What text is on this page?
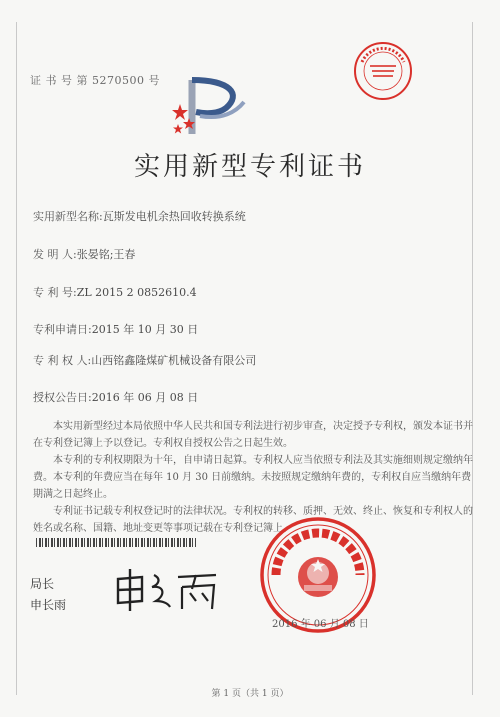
证 书 号 第 5270500 号
实用新型专利证书
实用新型名称:瓦斯发电机余热回收转换系统
发 明 人:张晏铭;王春
专 利 号:ZL 2015 2 0852610.4
专利申请日:2015 年 10 月 30 日
专 利 权 人:山西铭鑫隆煤矿机械设备有限公司
授权公告日:2016 年 06 月 08 日

本实用新型经过本局依照中华人民共和国专利法进行初步审查，决定授予专利权，颁发本证书并在专利登记簿上予以登记。专利权自授权公告之日起生效。

本专利的专利权期限为十年，自申请日起算。专利权人应当依照专利法及其实施细则规定缴纳年费。本专利的年费应当在每年 10 月 30 日前缴纳。未按照规定缴纳年费的，专利权自应当缴纳年费期满之日起终止。

专利证书记载专利权登记时的法律状况。专利权的转移、质押、无效、终止、恢复和专利权人的姓名或名称、国籍、地址变更等事项记载在专利登记簿上。

局长
申长雨
2016 年 06 月 08 日
第 1 页（共 1 页）
